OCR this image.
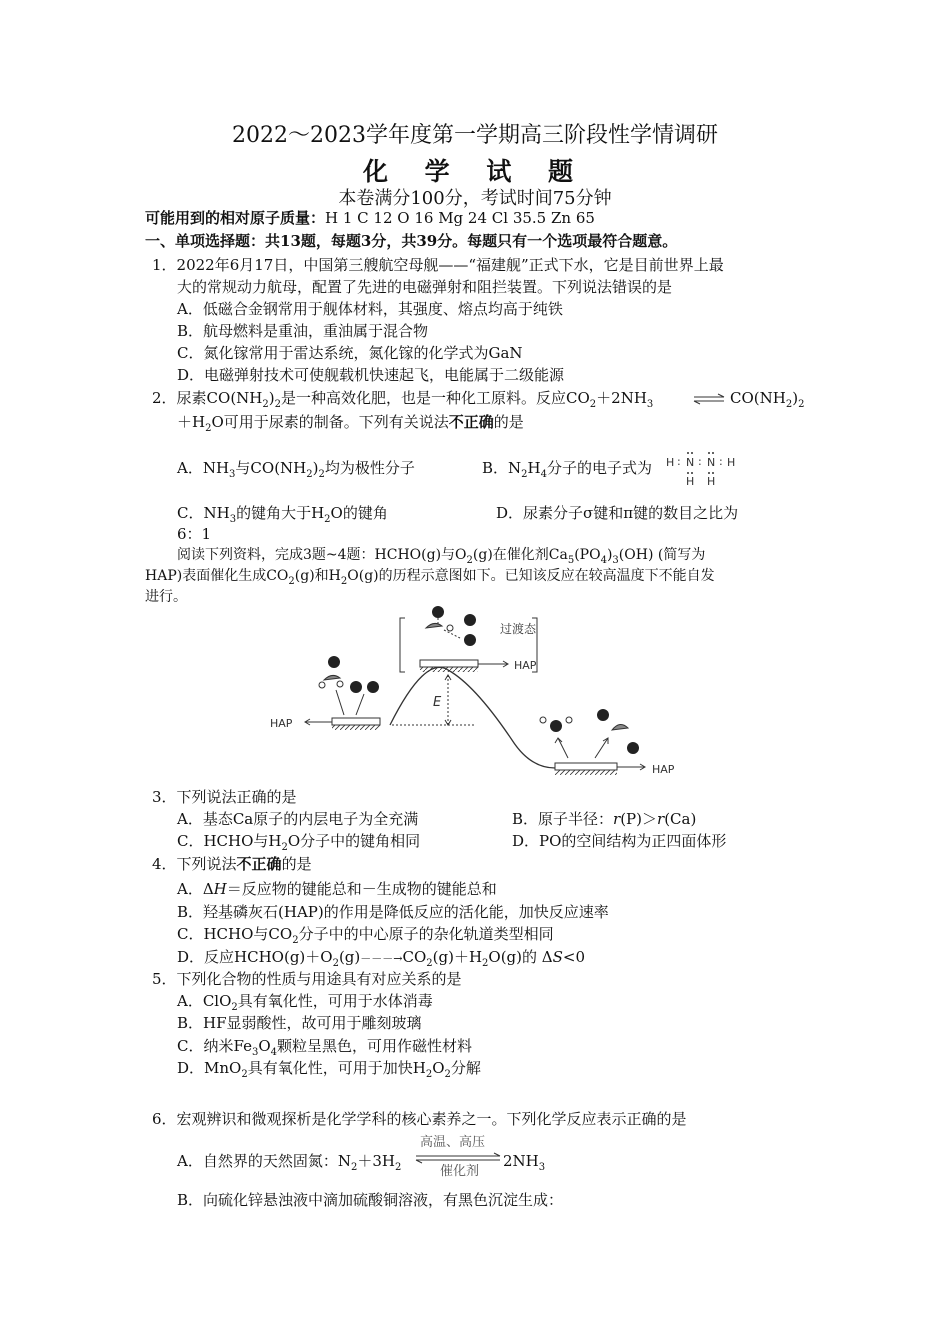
2022～2023学年度第一学期高三阶段性学情调研
化 学 试 题
本卷满分100分，考试时间75分钟
可能用到的相对原子质量：H 1 C 12 O 16 Mg 24 Cl 35.5 Zn 65
一、单项选择题：共13题，每题3分，共39分。每题只有一个选项最符合题意。
1．2022年6月17日，中国第三艘航空母舰——“福建舰”正式下水，它是目前世界上最
大的常规动力航母，配置了先进的电磁弹射和阻拦装置。下列说法错误的是
A．低磁合金钢常用于舰体材料，其强度、熔点均高于纯铁
B．航母燃料是重油，重油属于混合物
C．氮化镓常用于雷达系统，氮化镓的化学式为GaN
D．电磁弹射技术可使舰载机快速起飞，电能属于二级能源
2．尿素$CO(NH_2)_2$是一种高效化肥，也是一种化工原料。反应$CO_2+2NH_3$ ⇌ $CO(NH_2)_2$
$+H_2O$可用于尿素的制备。下列有关说法不正确的是
A．$NH_3$与$CO(NH_2)_2$均为极性分子	B．$N_2H_4$分子的电子式为 H : N : N : H
H H
C．$NH_3$的键角大于$H_2O$的键角	D．尿素分子σ键和π键的数目之比为
6：1
阅读下列资料，完成3题~4题：HCHO(g)与$O_2(g)$在催化剂$Ca_5(PO_4)_3(OH)$ (简写为
HAP)表面催化生成$CO_2(g)$和$H_2O(g)$的历程示意图如下。已知该反应在较高温度下不能自发
进行。
E
HAP
过渡态
HAP
HAP
3．下列说法正确的是
A．基态Ca原子的内层电子为全充满	B．原子半径：r(P)＞r(Ca)
C．HCHO与$H_2O$分子中的键角相同	D．PO的空间结构为正四面体形
4．下列说法不正确的是
A．ΔH＝反应物的键能总和－生成物的键能总和
B．羟基磷灰石(HAP)的作用是降低反应的活化能，加快反应速率
C．HCHO与$CO_2$分子中的中心原子的杂化轨道类型相同
D．反应$HCHO(g)+O_2(g)---\to CO_2(g)+H_2O(g)$的 ΔS<0
5．下列化合物的性质与用途具有对应关系的是
A．ClO$_2$具有氧化性，可用于水体消毒
B．HF显弱酸性，故可用于雕刻玻璃
C．纳米$Fe_3O_4$颗粒呈黑色，可用作磁性材料
D．MnO$_2$具有氧化性，可用于加快$H_2O_2$分解
6．宏观辨识和微观探析是化学学科的核心素养之一。下列化学反应表示正确的是
A．自然界的天然固氮：$N_2+3H_2$
高温、高压
催化剂
$2NH_3$
B．向硫化锌悬浊液中滴加硫酸铜溶液，有黑色沉淀生成：
